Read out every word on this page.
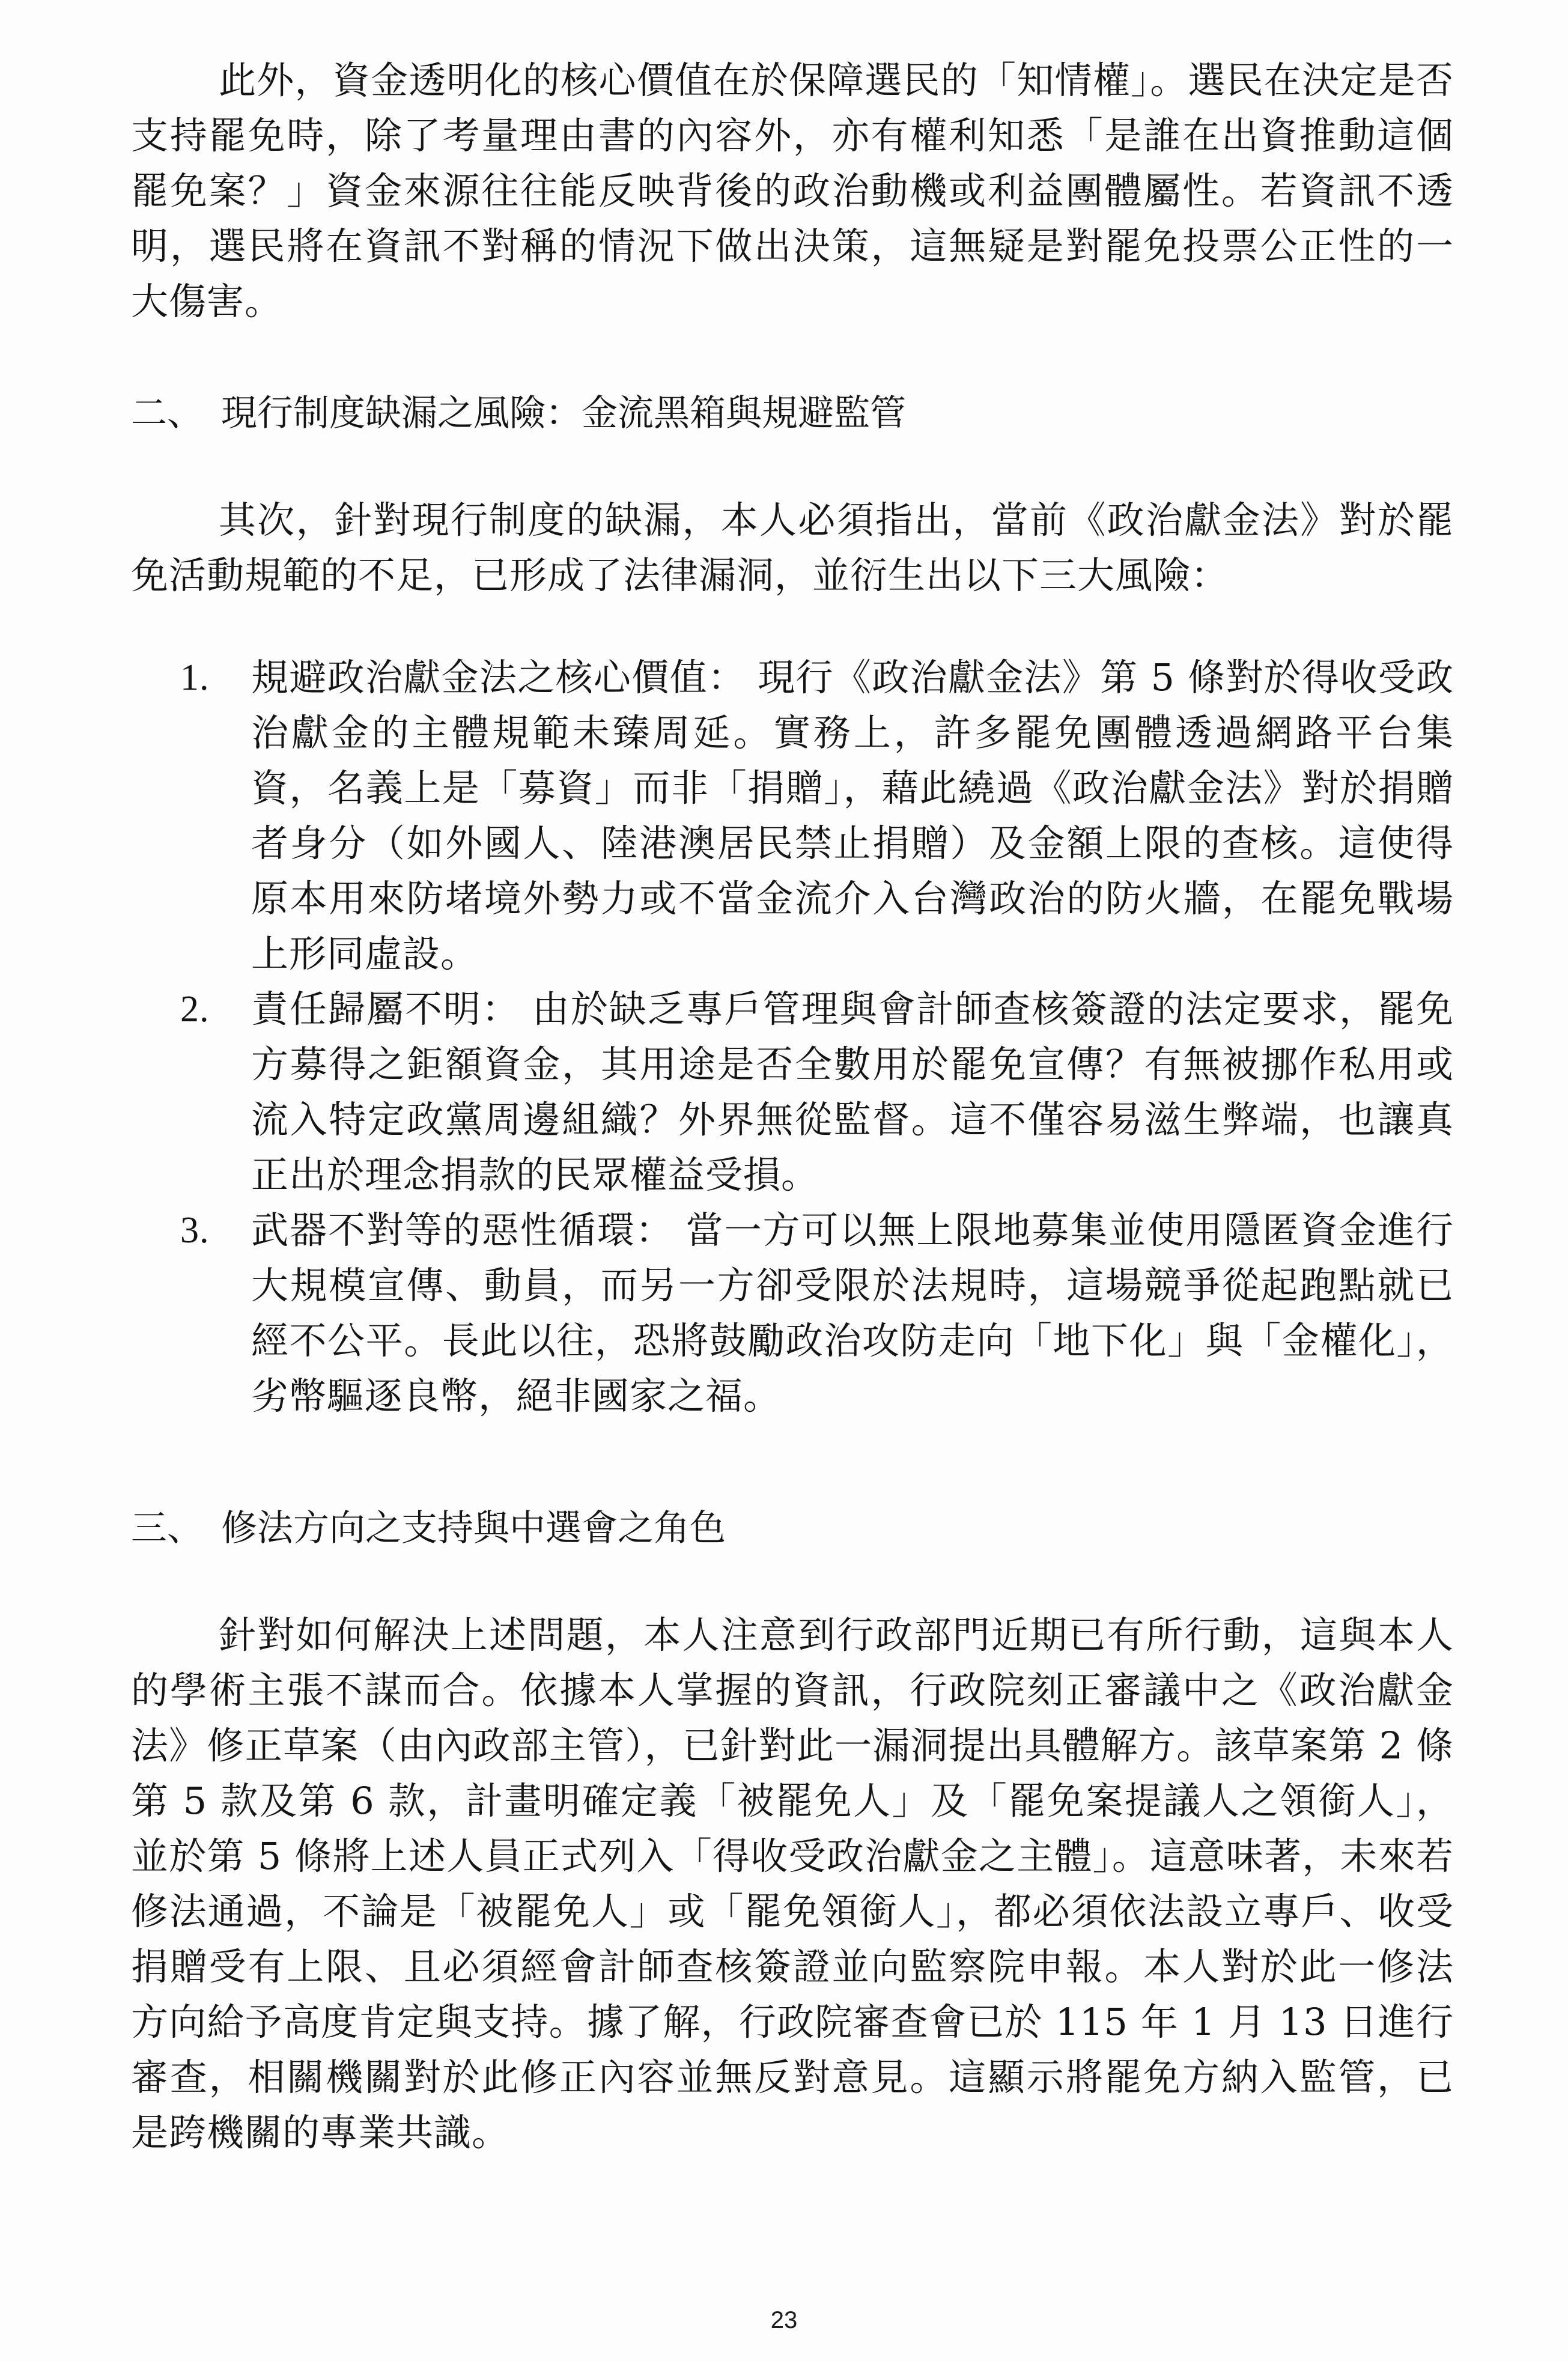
此外，資金透明化的核心價值在於保障選民的「知情權」。選民在決定是否支持罷免時，除了考量理由書的內容外，亦有權利知悉「是誰在出資推動這個罷免案？」資金來源往往能反映背後的政治動機或利益團體屬性。若資訊不透明，選民將在資訊不對稱的情況下做出決策，這無疑是對罷免投票公正性的一大傷害。

二、 現行制度缺漏之風險：金流黑箱與規避監管

其次，針對現行制度的缺漏，本人必須指出，當前《政治獻金法》對於罷免活動規範的不足，已形成了法律漏洞，並衍生出以下三大風險：

1.	規避政治獻金法之核心價值： 現行《政治獻金法》第 5 條對於得收受政治獻金的主體規範未臻周延。實務上，許多罷免團體透過網路平台集資，名義上是「募資」而非「捐贈」，藉此繞過《政治獻金法》對於捐贈者身分（如外國人、陸港澳居民禁止捐贈）及金額上限的查核。這使得原本用來防堵境外勢力或不當金流介入台灣政治的防火牆，在罷免戰場上形同虛設。
2.	責任歸屬不明： 由於缺乏專戶管理與會計師查核簽證的法定要求，罷免方募得之鉅額資金，其用途是否全數用於罷免宣傳？有無被挪作私用或流入特定政黨周邊組織？外界無從監督。這不僅容易滋生弊端，也讓真正出於理念捐款的民眾權益受損。
3.	武器不對等的惡性循環： 當一方可以無上限地募集並使用隱匿資金進行大規模宣傳、動員，而另一方卻受限於法規時，這場競爭從起跑點就已經不公平。長此以往，恐將鼓勵政治攻防走向「地下化」與「金權化」，劣幣驅逐良幣，絕非國家之福。
三、 修法方向之支持與中選會之角色

針對如何解決上述問題，本人注意到行政部門近期已有所行動，這與本人的學術主張不謀而合。依據本人掌握的資訊，行政院刻正審議中之《政治獻金法》修正草案（由內政部主管），已針對此一漏洞提出具體解方。該草案第 2 條第 5 款及第 6 款，計畫明確定義「被罷免人」及「罷免案提議人之領銜人」，並於第 5 條將上述人員正式列入「得收受政治獻金之主體」。這意味著，未來若修法通過，不論是「被罷免人」或「罷免領銜人」，都必須依法設立專戶、收受捐贈受有上限、且必須經會計師查核簽證並向監察院申報。本人對於此一修法方向給予高度肯定與支持。據了解，行政院審查會已於 115 年 1 月 13 日進行審查，相關機關對於此修正內容並無反對意見。這顯示將罷免方納入監管，已是跨機關的專業共識。

23
